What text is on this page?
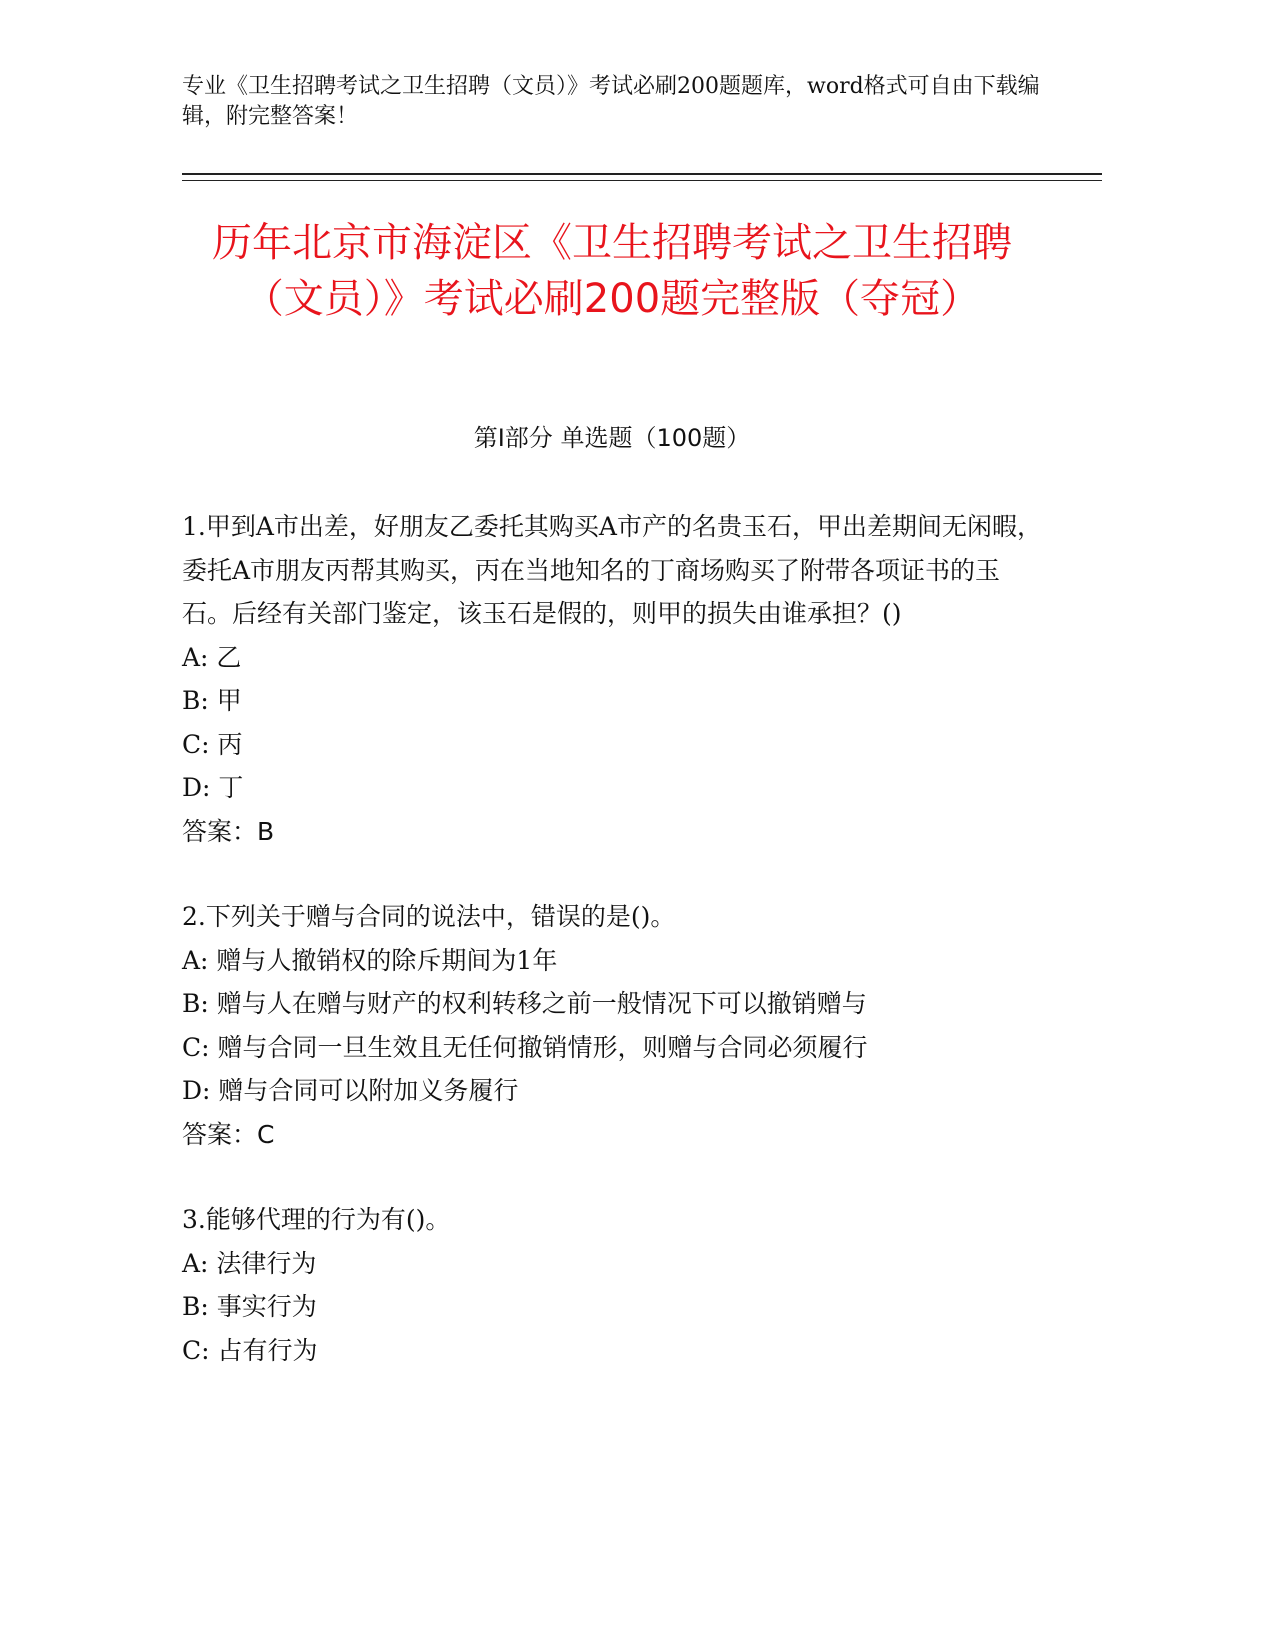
专业《卫生招聘考试之卫生招聘（文员）》考试必刷200题题库，word格式可自由下载编辑，附完整答案！
历年北京市海淀区《卫生招聘考试之卫生招聘（文员）》考试必刷200题完整版（夺冠）
第Ⅰ部分 单选题（100题）
1.甲到A市出差，好朋友乙委托其购买A市产的名贵玉石，甲出差期间无闲暇，委托A市朋友丙帮其购买，丙在当地知名的丁商场购买了附带各项证书的玉石。后经有关部门鉴定，该玉石是假的，则甲的损失由谁承担？()
A: 乙
B: 甲
C: 丙
D: 丁
答案：B
2.下列关于赠与合同的说法中，错误的是()。
A: 赠与人撤销权的除斥期间为1年
B: 赠与人在赠与财产的权利转移之前一般情况下可以撤销赠与
C: 赠与合同一旦生效且无任何撤销情形，则赠与合同必须履行
D: 赠与合同可以附加义务履行
答案：C
3.能够代理的行为有()。
A: 法律行为
B: 事实行为
C: 占有行为
